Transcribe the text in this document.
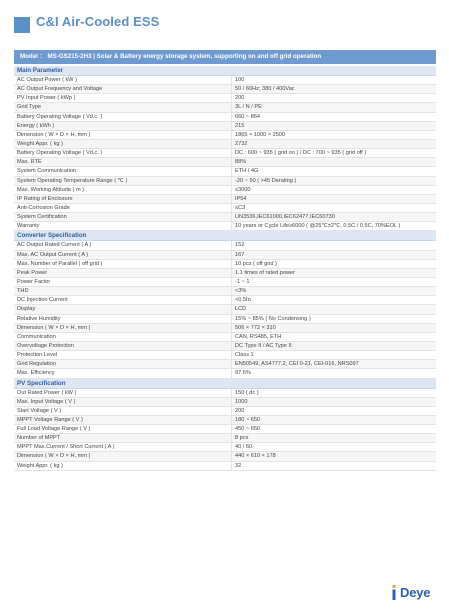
C&I Air-Cooled ESS
Model ： MS-GS215-2H3 | Solar & Battery energy storage system, supporting on and off grid operation
Main Parameter
AC Output Power ( kW )	100
AC Output Frequency and Voltage	50 / 60Hz; 380 / 400Vac
PV Input Power ( kWp )	200
Grid Type	3L / N / PE
Battery Operating Voltage ( Vd.c. )	660 ~ 864
Energy ( kWh )	215
Dimension ( W × D × H, mm )	1865 × 1000 × 2500
Weight Appr. ( kg )	2732
Battery Operating Voltage ( Vd.c. )	DC : 600 ~ 935 ( grid on ) / DC : 700 ~ 935 ( grid off )
Max. RTE	88%
System Communication	ETH / 4G
System Operating Temperature Range ( ℃ )	-20 ~ 50 ( >45 Derating )
Max. Working Altitude ( m )	≤3000
IP Rating of Enclosure	IP54
Anti-Corrosion Grade	≤C3
System Certification	UN3536,IEC61000,IEC62477,IEC60730
Warranty	10 years or Cycle Life≥6000 ( @25℃±2℃, 0.5C / 0.5C, 70%EOL )
Converter Specification
AC Output Rated Current ( A )	152
Max. AC Output Current ( A )	167
Max. Number of Parallel ( off grid )	10 pcs ( off grid )
Peak Power	1.1 times of rated power
Power Factor	-1 ~ 1
THD	<3%
DC Injection Current	<0.5In
Display	LCD
Relative Humidity	15% ~ 85% ( No Condensing )
Dimension ( W × D × H, mm )	506 × 772 × 310
Communication	CAN, RS485, ETH
Overvoltage Protection	DC Type II / AC Type II
Protection Level	Class 1
Grid Regulation	EN50549, AS4777.2, CEI 0-21, CEI-016, NRS097
Max. Efficiency	97.6%
PV Specification
Out Rated Power ( kW )	150 ( dc )
Max. Input Voltage ( V )	1000
Start Voltage ( V )	200
MPPT Voltage Range ( V )	180 ~ 650
Full Load Voltage Range ( V )	450 ~ 650
Number of MPPT	8 pcs
MPPT Max.Current / Short Current ( A )	40 / 60
Dimension ( W × D × H, mm )	440 × 610 × 178
Weight Appr. ( kg )	32
Deye
